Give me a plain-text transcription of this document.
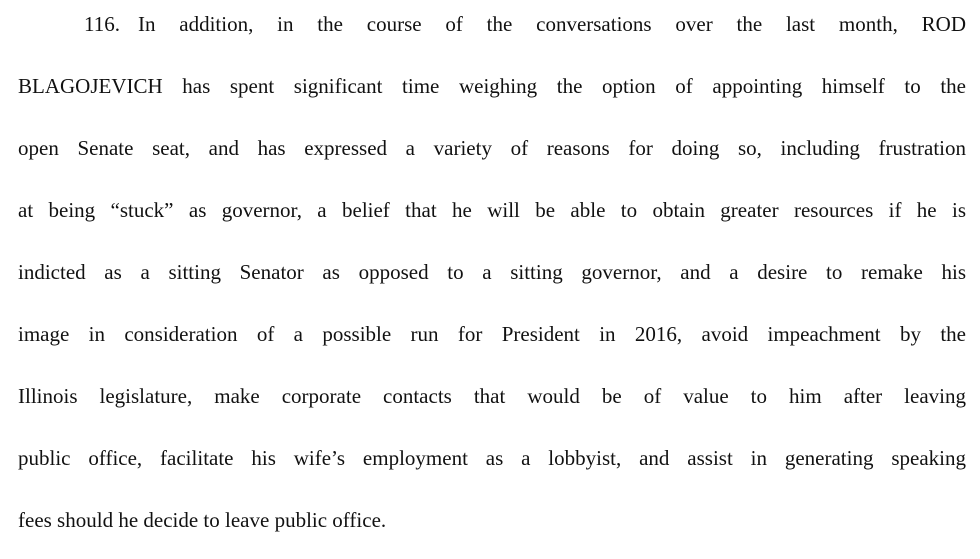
116. In addition, in the course of the conversations over the last month, ROD
BLAGOJEVICH has spent significant time weighing the option of appointing himself to the
open Senate seat, and has expressed a variety of reasons for doing so, including frustration
at being “stuck” as governor, a belief that he will be able to obtain greater resources if he is
indicted as a sitting Senator as opposed to a sitting governor, and a desire to remake his
image in consideration of a possible run for President in 2016, avoid impeachment by the
Illinois legislature, make corporate contacts that would be of value to him after leaving
public office, facilitate his wife’s employment as a lobbyist, and assist in generating speaking
fees should he decide to leave public office.
